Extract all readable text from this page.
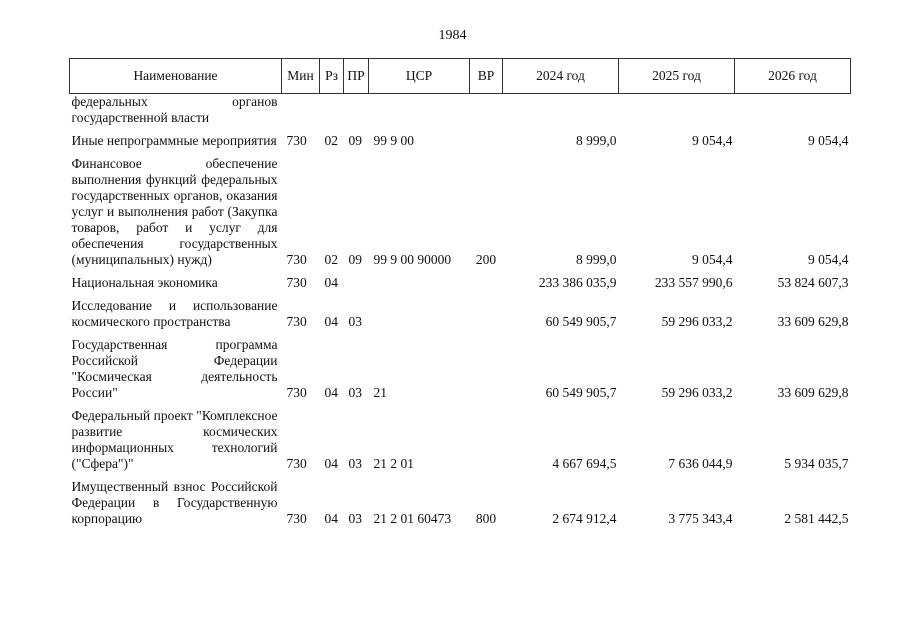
1984
Наименование	Мин	Рз	ПР	ЦСР	ВР	2024 год	2025 год	2026 год
федеральных органов государственной власти								
Иные непрограммные мероприятия	730	02	09	99 9 00		8 999,0	9 054,4	9 054,4
Финансовое обеспечение выполнения функций федеральных государственных органов, оказания услуг и выполнения работ (Закупка товаров, работ и услуг для обеспечения государственных (муниципальных) нужд)	730	02	09	99 9 00 90000	200	8 999,0	9 054,4	9 054,4
Национальная экономика	730	04				233 386 035,9	233 557 990,6	53 824 607,3
Исследование и использование космического пространства	730	04	03			60 549 905,7	59 296 033,2	33 609 629,8
Государственная программа Российской Федерации "Космическая деятельность России"	730	04	03	21		60 549 905,7	59 296 033,2	33 609 629,8
Федеральный проект "Комплексное развитие космических информационных технологий ("Сфера")"	730	04	03	21 2 01		4 667 694,5	7 636 044,9	5 934 035,7
Имущественный взнос Российской Федерации в Государственную корпорацию	730	04	03	21 2 01 60473	800	2 674 912,4	3 775 343,4	2 581 442,5
